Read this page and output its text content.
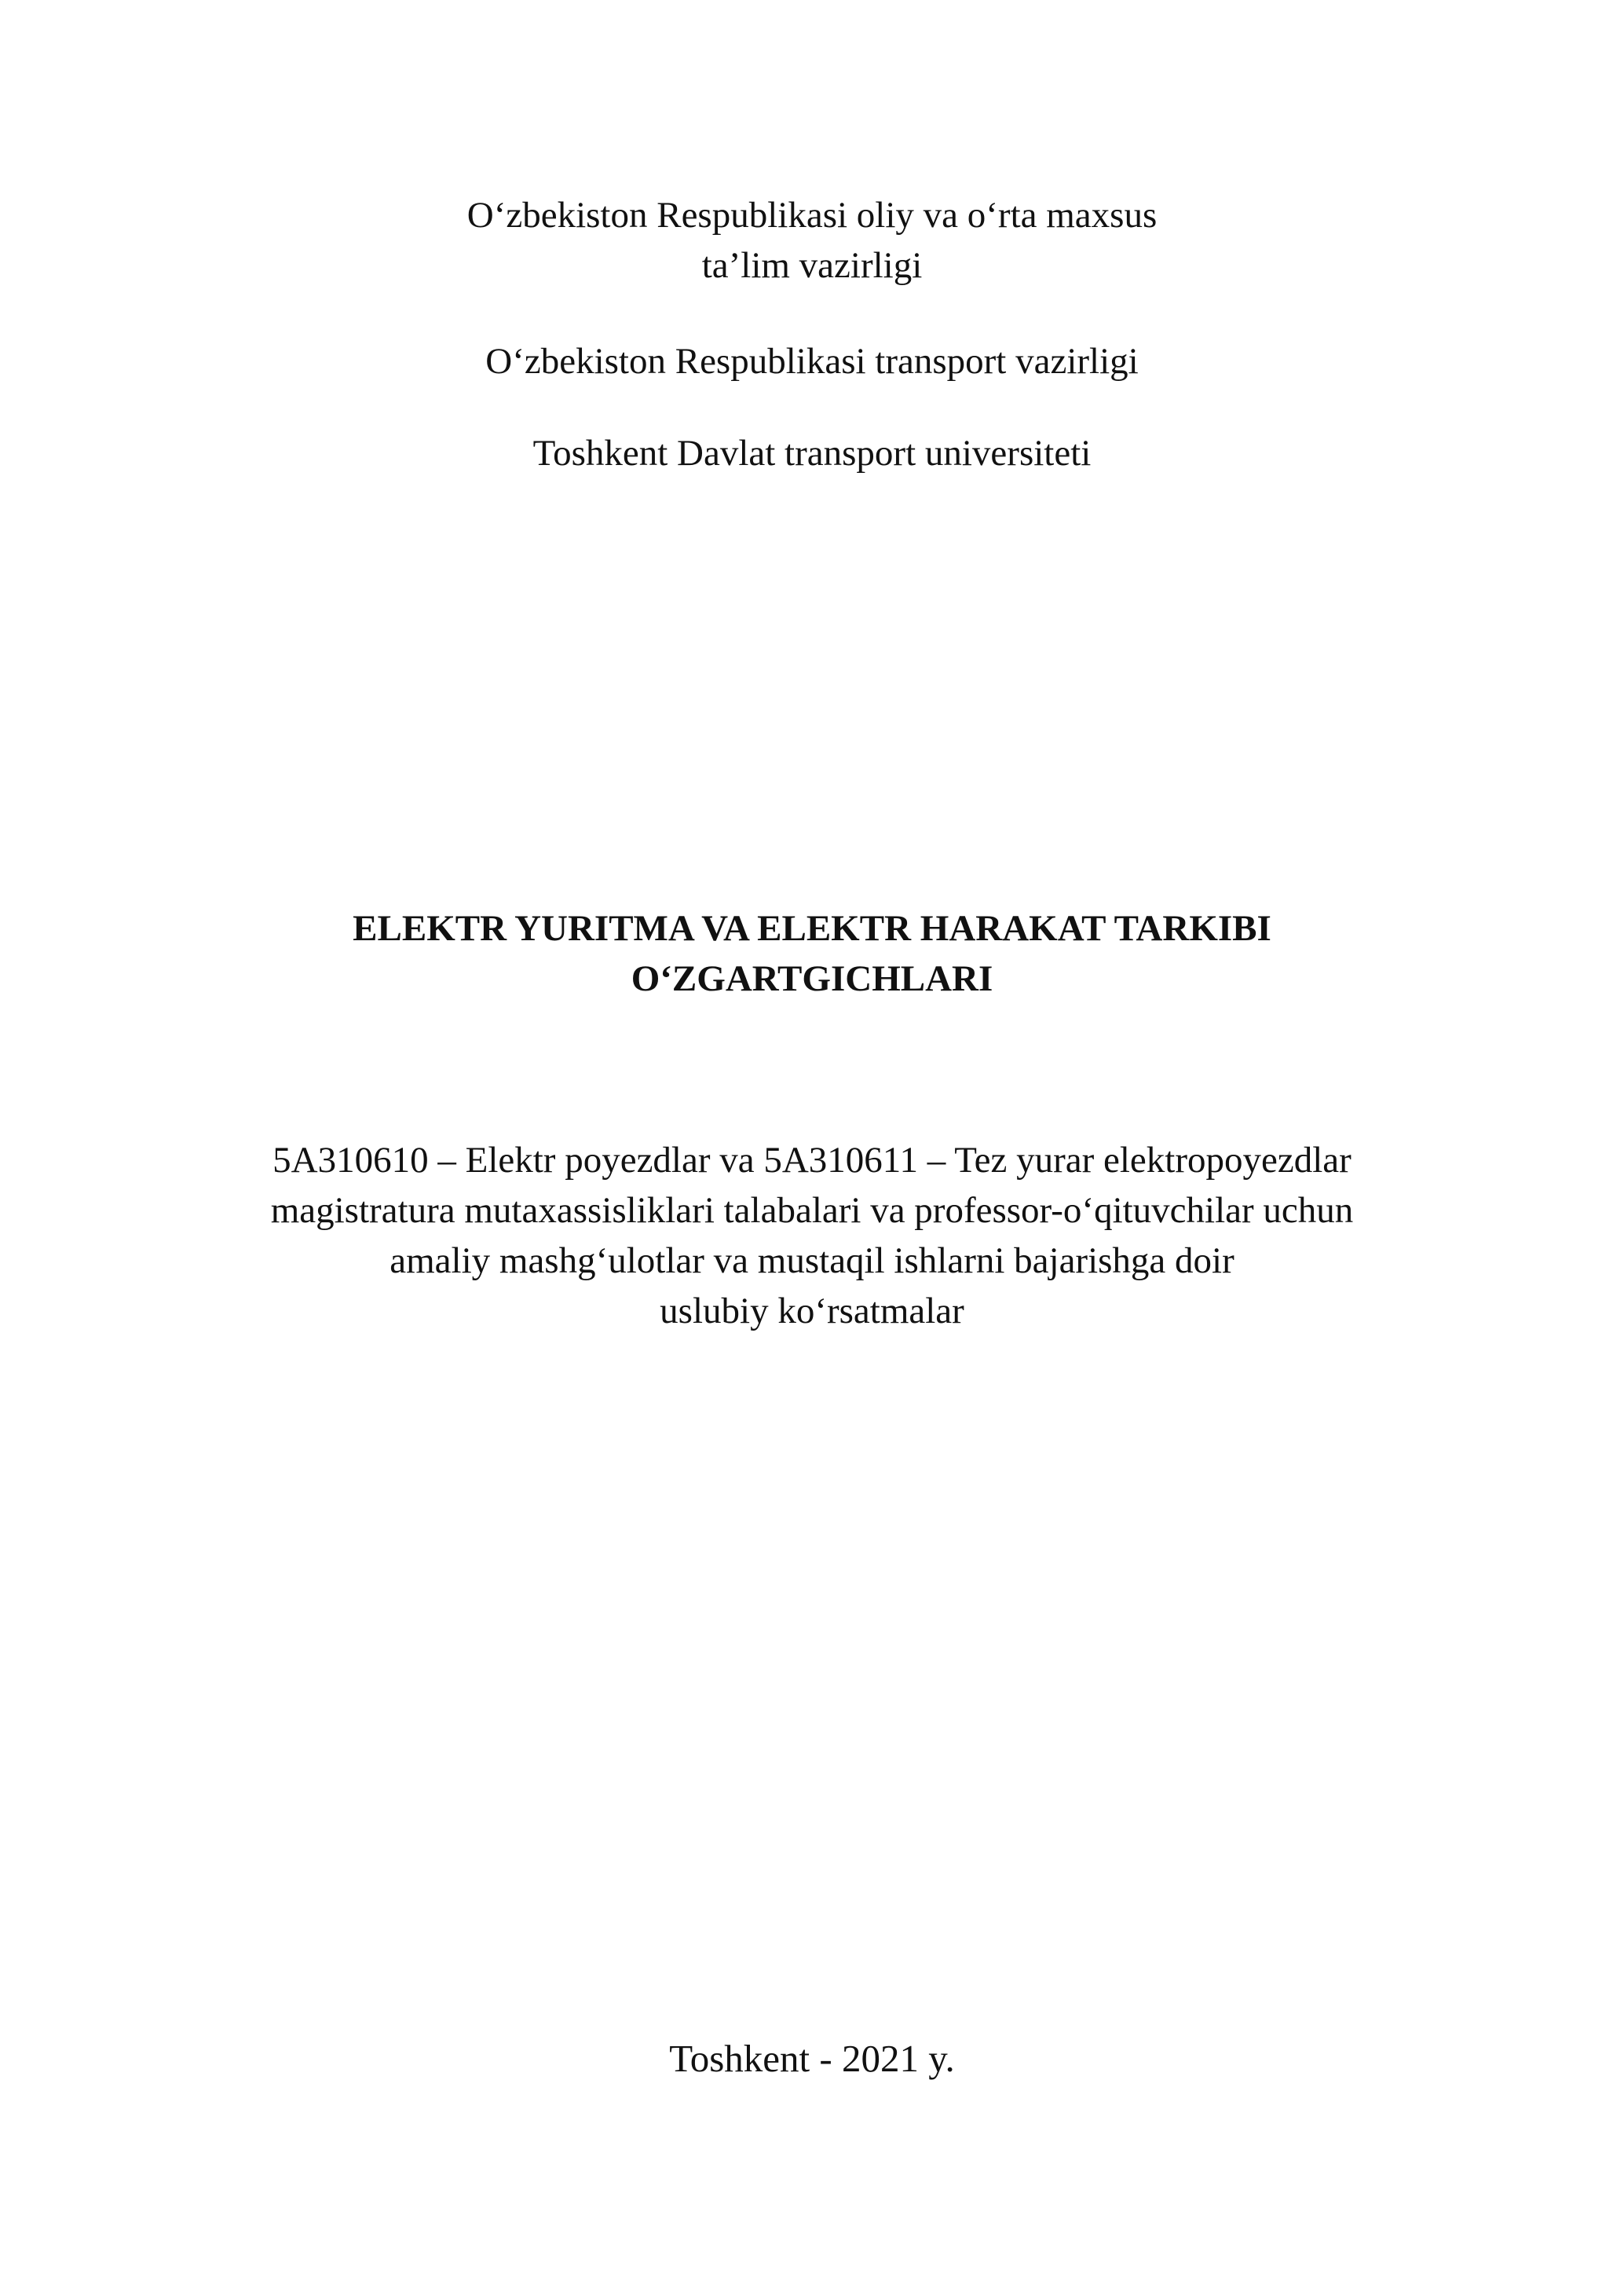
O‘zbekiston Respublikasi oliy va o‘rta maxsus
ta’lim vazirligi
O‘zbekiston Respublikasi transport vazirligi
Toshkent Davlat transport universiteti
ELEKTR YURITMA VA ELEKTR HARAKAT TARKIBI
O‘ZGARTGICHLARI
5A310610 – Elektr poyezdlar va 5A310611 – Tez yurar elektropoyezdlar
magistratura mutaxassisliklari talabalari va professor-o‘qituvchilar uchun
amaliy mashg‘ulotlar va mustaqil ishlarni bajarishga doir
uslubiy ko‘rsatmalar
Toshkent - 2021 y.
